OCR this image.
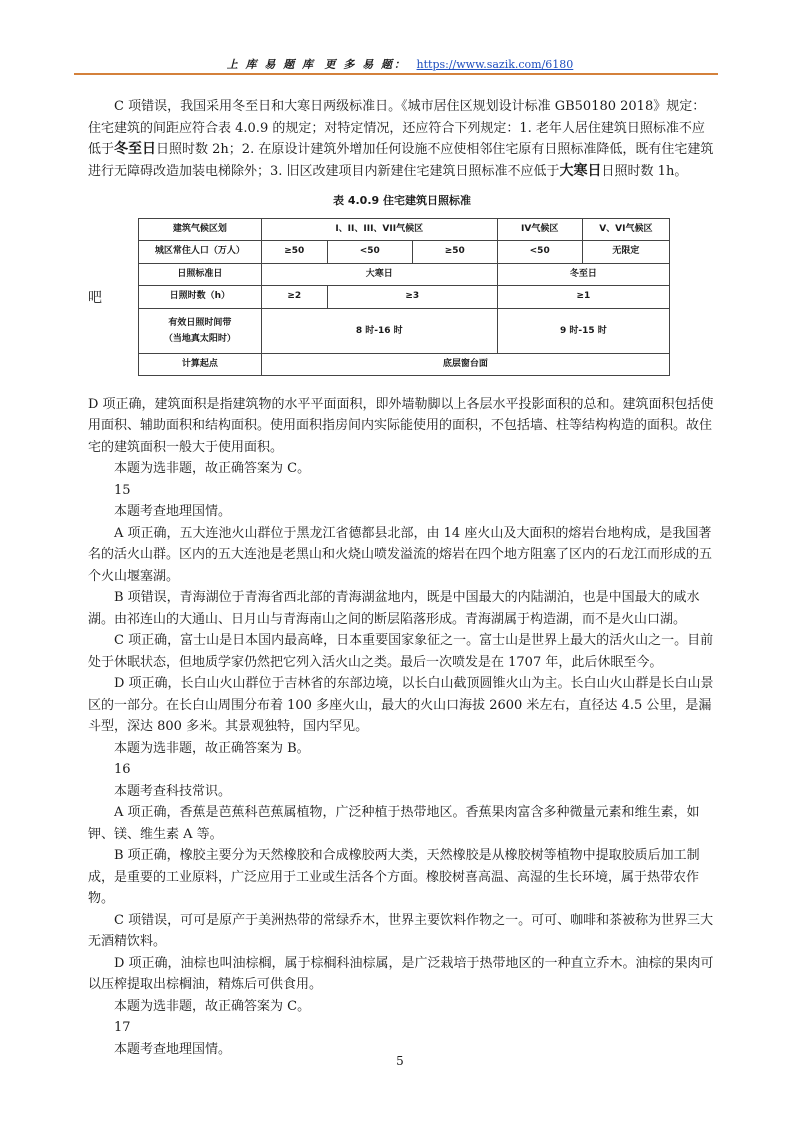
上 库 易 题 库 更 多 易 题： https://www.sazik.com/6180

C 项错误，我国采用冬至日和大寒日两级标准日。《城市居住区规划设计标准 GB50180 2018》规定：住宅建筑的间距应符合表 4.0.9 的规定；对特定情况，还应符合下列规定：1. 老年人居住建筑日照标准不应低于冬至日日照时数 2h；2. 在原设计建筑外增加任何设施不应使相邻住宅原有日照标准降低，既有住宅建筑进行无障碍改造加装电梯除外；3. 旧区改建项目内新建住宅建筑日照标准不应低于大寒日日照时数 1h。

表 4.0.9 住宅建筑日照标准
吧
建筑气候区划	I、II、III、VII气候区			IV气候区	V、VI气候区
城区常住人口（万人）	≥50	<50	≥50	<50	无限定
日照标准日	大寒日			冬至日	
日照时数（h）	≥2	≥3		≥1	
有效日照时间带
（当地真太阳时）	8 时-16 时			9 时-15 时	
计算起点	底层窗台面				

D 项正确，建筑面积是指建筑物的水平平面面积，即外墙勒脚以上各层水平投影面积的总和。建筑面积包括使用面积、辅助面积和结构面积。使用面积指房间内实际能使用的面积，不包括墙、柱等结构构造的面积。故住宅的建筑面积一般大于使用面积。

本题为选非题，故正确答案为 C。

15

本题考查地理国情。

A 项正确，五大连池火山群位于黑龙江省德都县北部，由 14 座火山及大面积的熔岩台地构成，是我国著名的活火山群。区内的五大连池是老黑山和火烧山喷发溢流的熔岩在四个地方阻塞了区内的石龙江而形成的五个火山堰塞湖。

B 项错误，青海湖位于青海省西北部的青海湖盆地内，既是中国最大的内陆湖泊，也是中国最大的咸水湖。由祁连山的大通山、日月山与青海南山之间的断层陷落形成。青海湖属于构造湖，而不是火山口湖。

C 项正确，富士山是日本国内最高峰，日本重要国家象征之一。富士山是世界上最大的活火山之一。目前处于休眠状态，但地质学家仍然把它列入活火山之类。最后一次喷发是在 1707 年，此后休眠至今。

D 项正确，长白山火山群位于吉林省的东部边境，以长白山截顶圆锥火山为主。长白山火山群是长白山景区的一部分。在长白山周围分布着 100 多座火山，最大的火山口海拔 2600 米左右，直径达 4.5 公里，是漏斗型，深达 800 多米。其景观独特，国内罕见。

本题为选非题，故正确答案为 B。

16

本题考查科技常识。

A 项正确，香蕉是芭蕉科芭蕉属植物，广泛种植于热带地区。香蕉果肉富含多种微量元素和维生素，如钾、镁、维生素 A 等。

B 项正确，橡胶主要分为天然橡胶和合成橡胶两大类，天然橡胶是从橡胶树等植物中提取胶质后加工制成，是重要的工业原料，广泛应用于工业或生活各个方面。橡胶树喜高温、高湿的生长环境，属于热带农作物。

C 项错误，可可是原产于美洲热带的常绿乔木，世界主要饮料作物之一。可可、咖啡和茶被称为世界三大无酒精饮料。

D 项正确，油棕也叫油棕榈，属于棕榈科油棕属，是广泛栽培于热带地区的一种直立乔木。油棕的果肉可以压榨提取出棕榈油，精炼后可供食用。

本题为选非题，故正确答案为 C。

17

本题考查地理国情。

5
